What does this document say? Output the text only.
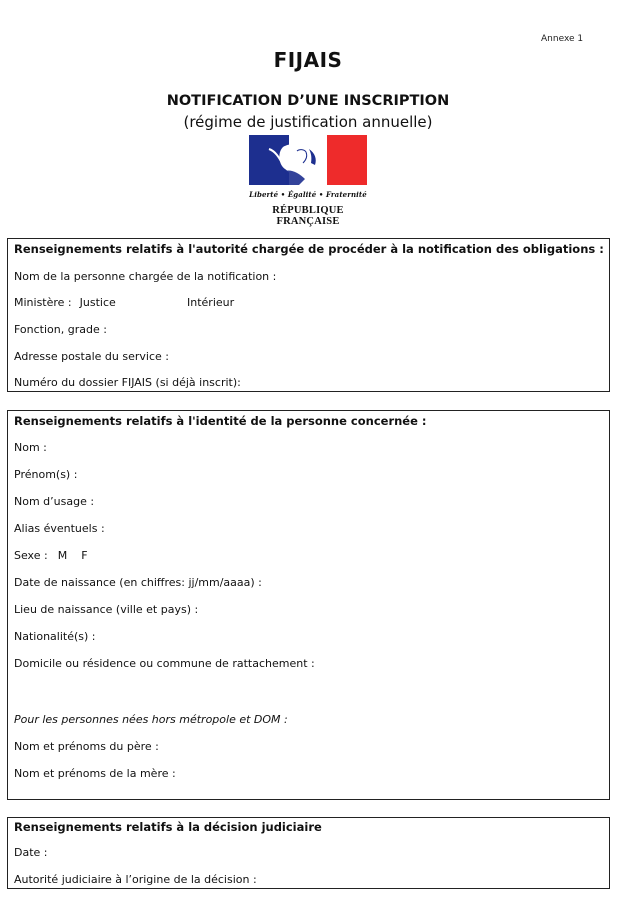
Annexe 1
FIJAIS
NOTIFICATION D’UNE INSCRIPTION
(régime de justification annuelle)
Liberté • Égalité • Fraternité
RÉPUBLIQUE FRANÇAISE
Renseignements relatifs à l'autorité chargée de procéder à la notification des obligations :
Nom de la personne chargée de la notification :
Ministère : Justice	Intérieur
Fonction, grade :
Adresse postale du service :
Numéro du dossier FIJAIS (si déjà inscrit):
Renseignements relatifs à l'identité de la personne concernée :
Nom :
Prénom(s) :
Nom d’usage :
Alias éventuels :
Sexe : M F
Date de naissance (en chiffres: jj/mm/aaaa) :
Lieu de naissance (ville et pays) :
Nationalité(s) :
Domicile ou résidence ou commune de rattachement :
Pour les personnes nées hors métropole et DOM :
Nom et prénoms du père :
Nom et prénoms de la mère :
Renseignements relatifs à la décision judiciaire
Date :
Autorité judiciaire à l’origine de la décision :
